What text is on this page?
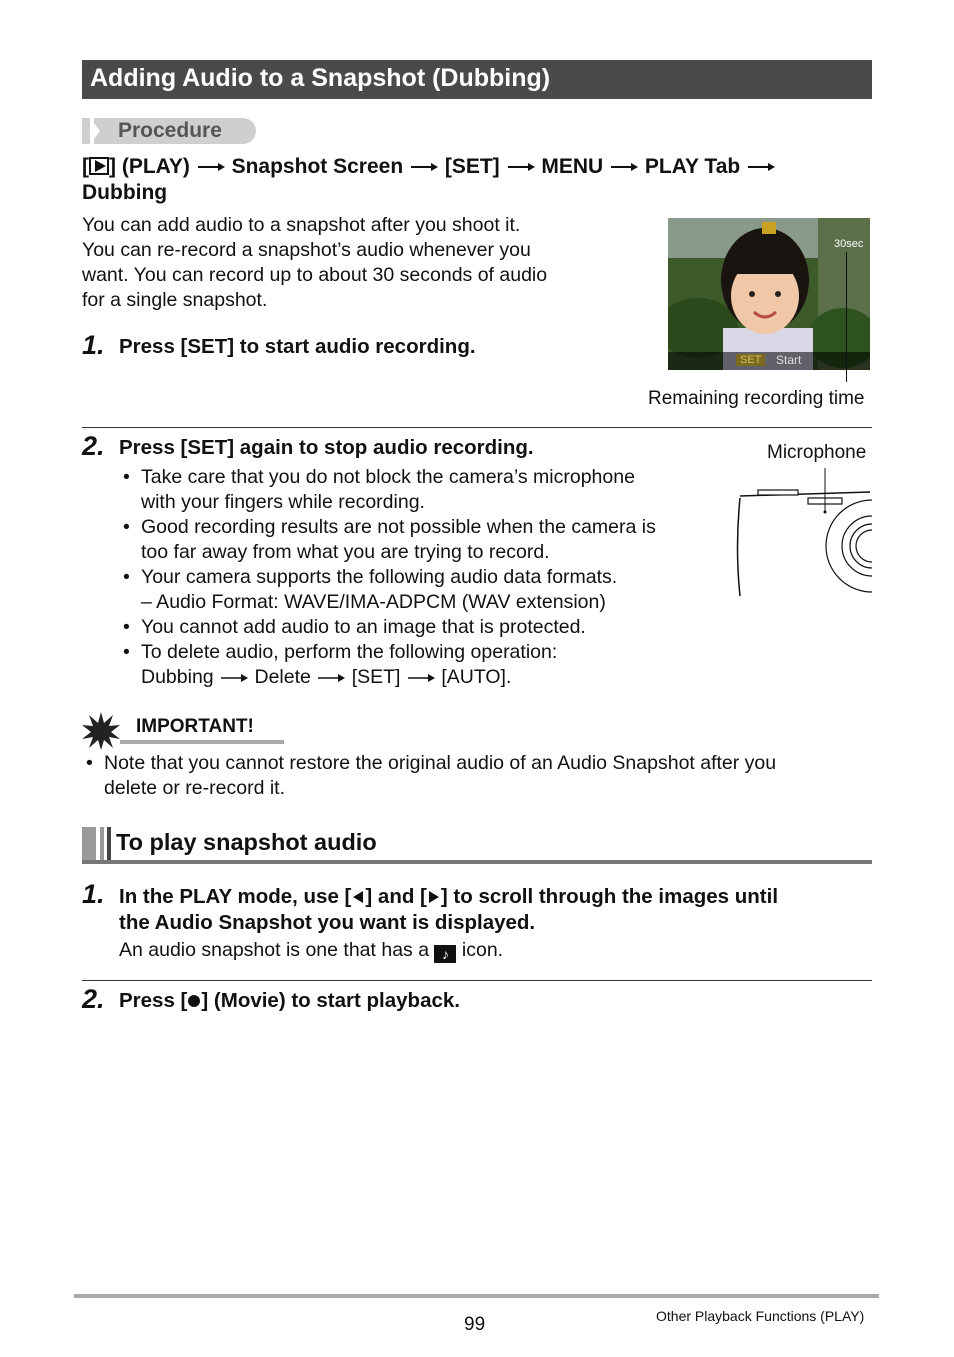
Adding Audio to a Snapshot (Dubbing)
Procedure
[ ] (PLAY) Snapshot Screen [SET] MENU PLAY Tab
Dubbing
You can add audio to a snapshot after you shoot it.
You can re-record a snapshot’s audio whenever you
want. You can record up to about 30 seconds of audio
for a single snapshot.
30sec
SET	Start
Remaining recording time
1. Press [SET] to start audio recording.
2. Press [SET] again to stop audio recording.
• Take care that you do not block the camera’s microphone
with your fingers while recording.
• Good recording results are not possible when the camera is
too far away from what you are trying to record.
• Your camera supports the following audio data formats.
– Audio Format: WAVE/IMA-ADPCM (WAV extension)
• You cannot add audio to an image that is protected.
• To delete audio, perform the following operation:
Dubbing Delete [SET] [AUTO].
Microphone
IMPORTANT!
• Note that you cannot restore the original audio of an Audio Snapshot after you
delete or re-record it.
To play snapshot audio
1. In the PLAY mode, use [ ] and [ ] to scroll through the images until
the Audio Snapshot you want is displayed.
An audio snapshot is one that has a ♪ icon.
2. Press [ ] (Movie) to start playback.
99	Other Playback Functions (PLAY)
